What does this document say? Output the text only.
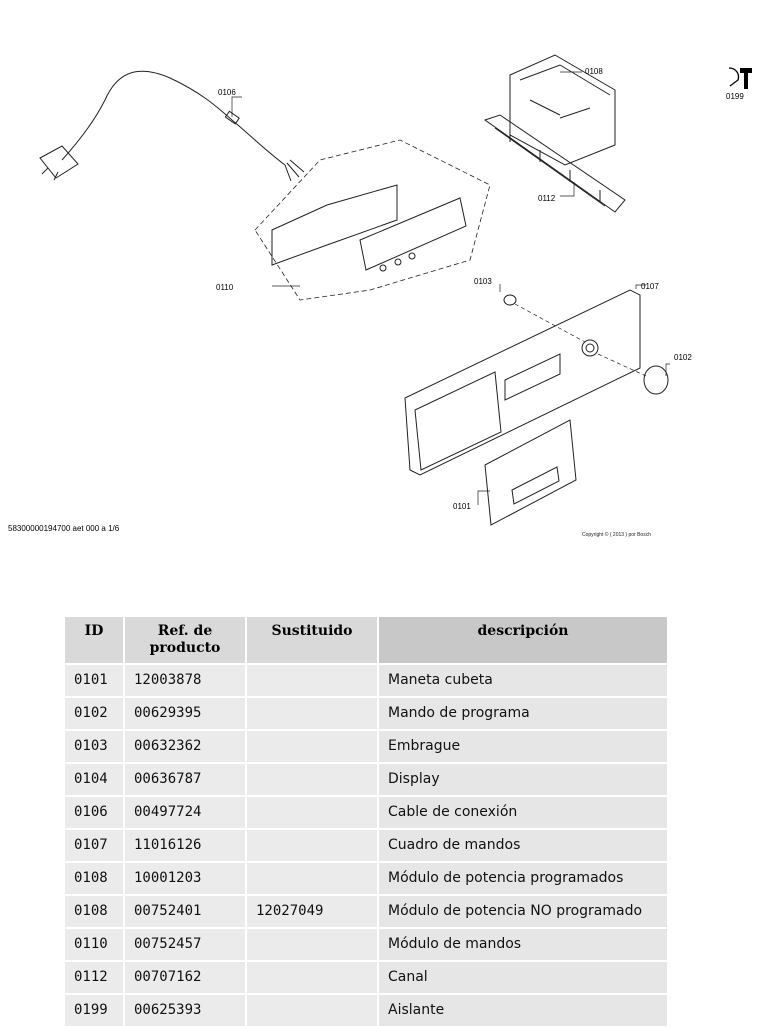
0106
0108
0112
0110
0103
0107
0102
0101
0199
58300000194700 aet 000 a 1/6
Copyright © ( 2013 ) por Bosch
ID	Ref. de producto	Sustituido	descripción
0101	12003878		Maneta cubeta
0102	00629395		Mando de programa
0103	00632362		Embrague
0104	00636787		Display
0106	00497724		Cable de conexión
0107	11016126		Cuadro de mandos
0108	10001203		Módulo de potencia programados
0108	00752401	12027049	Módulo de potencia NO programado
0110	00752457		Módulo de mandos
0112	00707162		Canal
0199	00625393		Aislante
